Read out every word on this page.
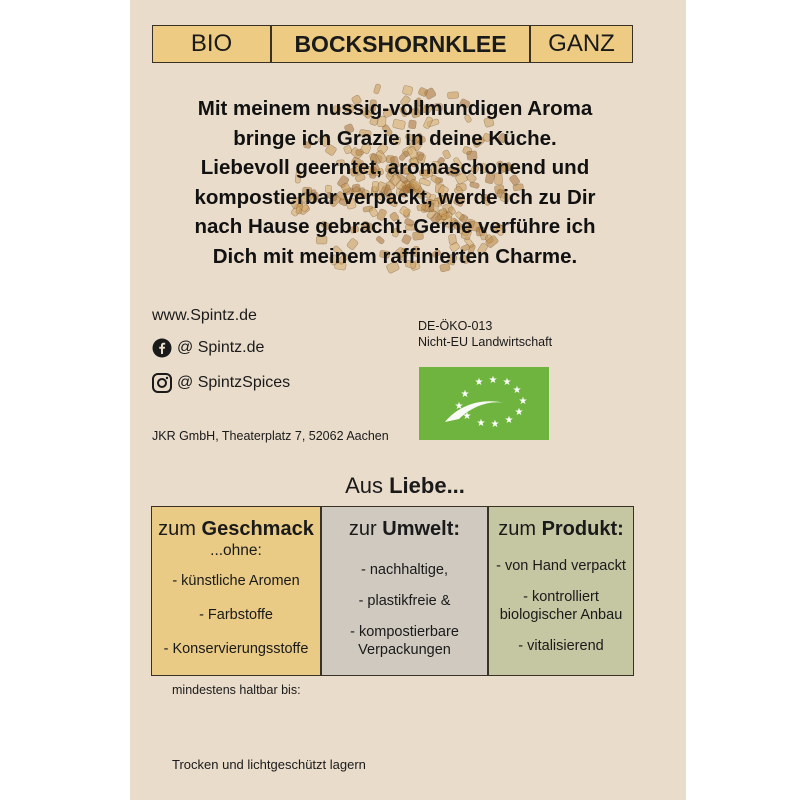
BIO	BOCKSHORNKLEE GANZ
Mit meinem nussig-vollmundigen Aroma
bringe ich Grazie in deine Küche.
Liebevoll geerntet, aromaschonend und
kompostierbar verpackt, werde ich zu Dir
nach Hause gebracht. Gerne verführe ich
Dich mit meinem raffinierten Charme.
www.Spintz.de
@ Spintz.de
@ SpintzSpices
JKR GmbH, Theaterplatz 7, 52062 Aachen
DE-ÖKO-013
Nicht-EU Landwirtschaft
★ ★ ★
★
★
★
★
★
★
★
★
★
Aus Liebe...
zum Geschmack
...ohne:
- künstliche Aromen
- Farbstoffe
- Konservierungsstoffe
zur Umwelt:
- nachhaltige,
- plastikfreie &
- kompostierbare
Verpackungen
zum Produkt:
- von Hand verpackt
- kontrolliert
biologischer Anbau
- vitalisierend
mindestens haltbar bis:
Trocken und lichtgeschützt lagern
